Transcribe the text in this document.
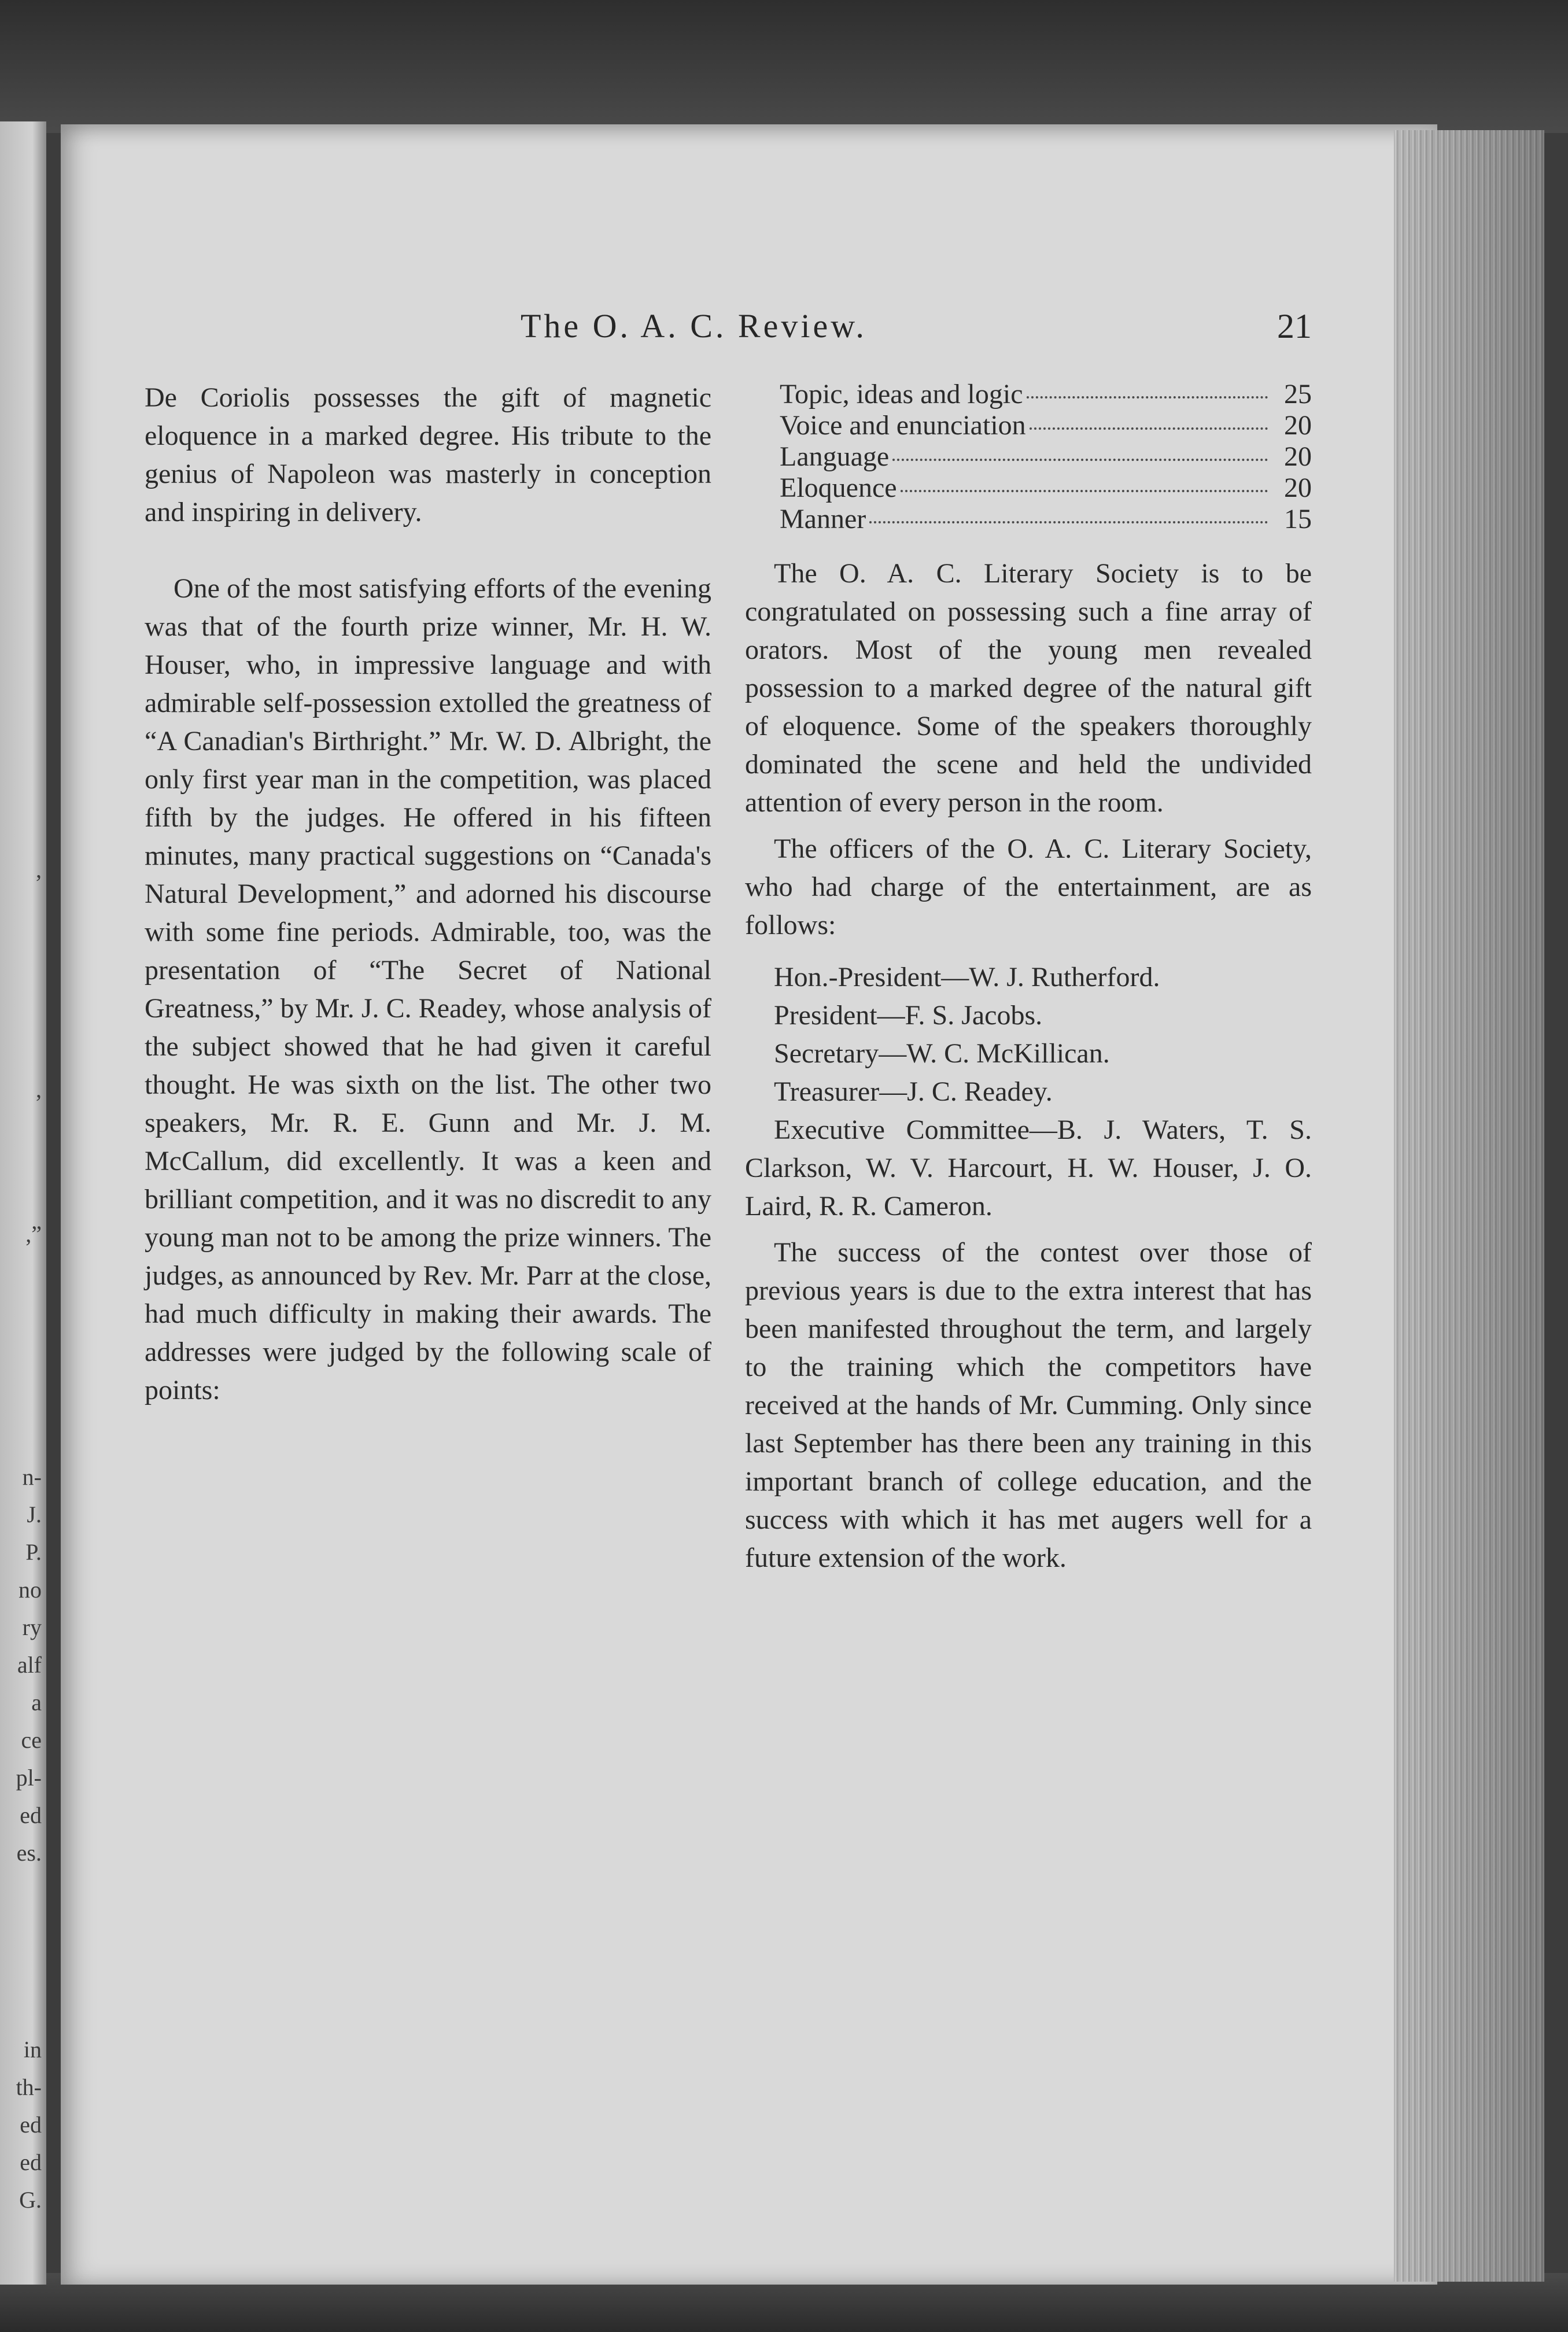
,
,
,”
n-
J.
P.
no
ry
alf
a
ce
pl-
ed
es.
in
th-
ed
ed
G.
The O. A. C. Review.	21

De Coriolis possesses the gift of magnetic eloquence in a marked degree. His tribute to the genius of Napoleon was masterly in conception and inspiring in delivery.

One of the most satisfying efforts of the evening was that of the fourth prize winner, Mr. H. W. Houser, who, in impressive language and with admirable self-possession extolled the greatness of “A Canadian's Birthright.” Mr. W. D. Albright, the only first year man in the competition, was placed fifth by the judges. He offered in his fifteen minutes, many practical suggestions on “Canada's Natural Development,” and adorned his discourse with some fine periods. Admirable, too, was the presentation of “The Secret of National Greatness,” by Mr. J. C. Readey, whose analysis of the subject showed that he had given it careful thought. He was sixth on the list. The other two speakers, Mr. R. E. Gunn and Mr. J. M. McCallum, did excellently. It was a keen and brilliant competition, and it was no discredit to any young man not to be among the prize winners. The judges, as announced by Rev. Mr. Parr at the close, had much difficulty in making their awards. The addresses were judged by the following scale of points:

Topic, ideas and logic	25
Voice and enunciation	20
Language	20
Eloquence	20
Manner	15

The O. A. C. Literary Society is to be congratulated on possessing such a fine array of orators. Most of the young men revealed possession to a marked degree of the natural gift of eloquence. Some of the speakers thoroughly dominated the scene and held the undivided attention of every person in the room.

The officers of the O. A. C. Literary Society, who had charge of the entertainment, are as follows:

Hon.-President—W. J. Rutherford.

President—F. S. Jacobs.

Secretary—W. C. McKillican.

Treasurer—J. C. Readey.

Executive Committee—B. J. Waters, T. S. Clarkson, W. V. Harcourt, H. W. Houser, J. O. Laird, R. R. Cameron.

The success of the contest over those of previous years is due to the extra interest that has been manifested throughout the term, and largely to the training which the competitors have received at the hands of Mr. Cumming. Only since last September has there been any training in this important branch of college education, and the success with which it has met augers well for a future extension of the work.
